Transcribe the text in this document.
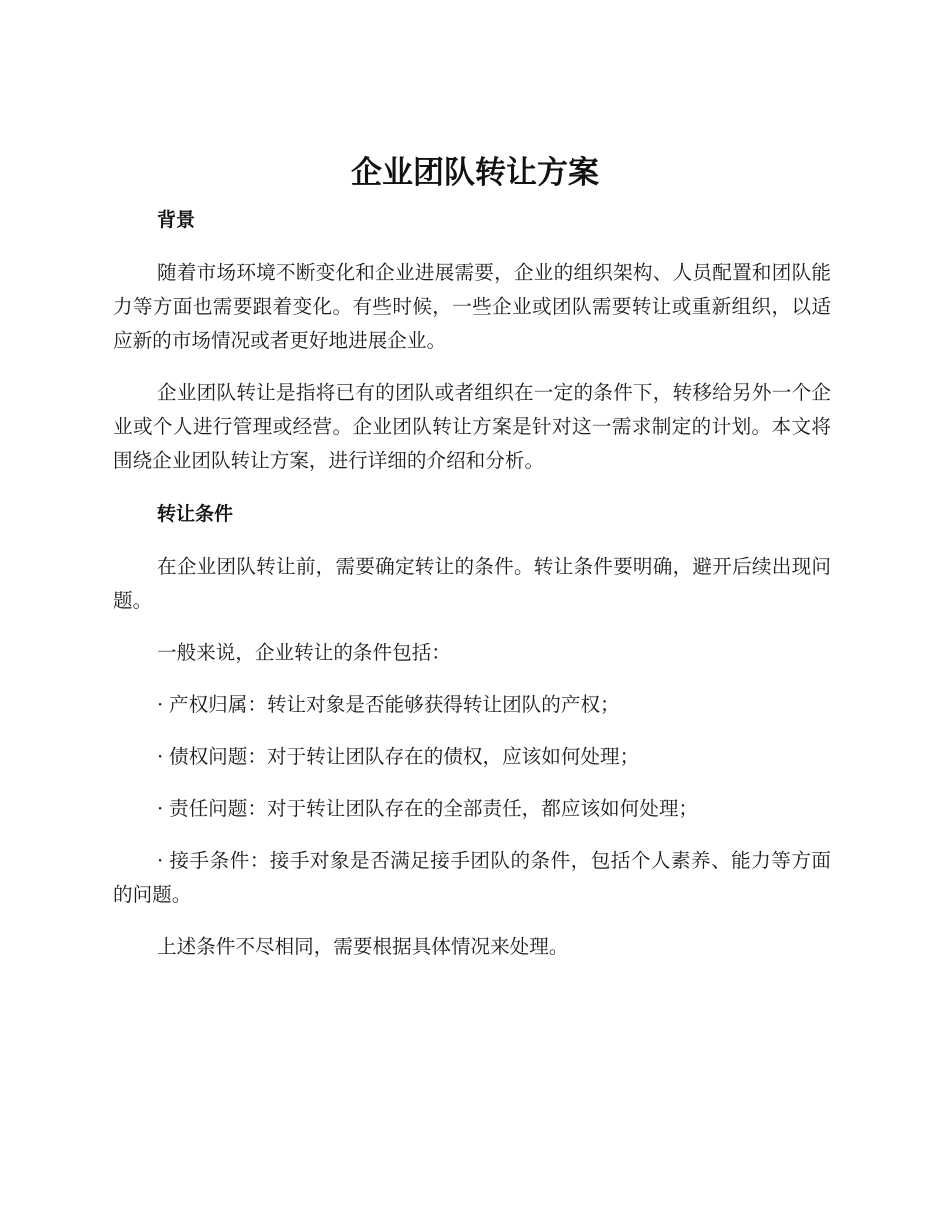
企业团队转让方案
背景

随着市场环境不断变化和企业进展需要，企业的组织架构、人员配置和团队能力等方面也需要跟着变化。有些时候，一些企业或团队需要转让或重新组织，以适应新的市场情况或者更好地进展企业。

企业团队转让是指将已有的团队或者组织在一定的条件下，转移给另外一个企业或个人进行管理或经营。企业团队转让方案是针对这一需求制定的计划。本文将围绕企业团队转让方案，进行详细的介绍和分析。

转让条件

在企业团队转让前，需要确定转让的条件。转让条件要明确，避开后续出现问题。

一般来说，企业转让的条件包括：

· 产权归属：转让对象是否能够获得转让团队的产权；

· 债权问题：对于转让团队存在的债权，应该如何处理；

· 责任问题：对于转让团队存在的全部责任，都应该如何处理；

· 接手条件：接手对象是否满足接手团队的条件，包括个人素养、能力等方面的问题。

上述条件不尽相同，需要根据具体情况来处理。
